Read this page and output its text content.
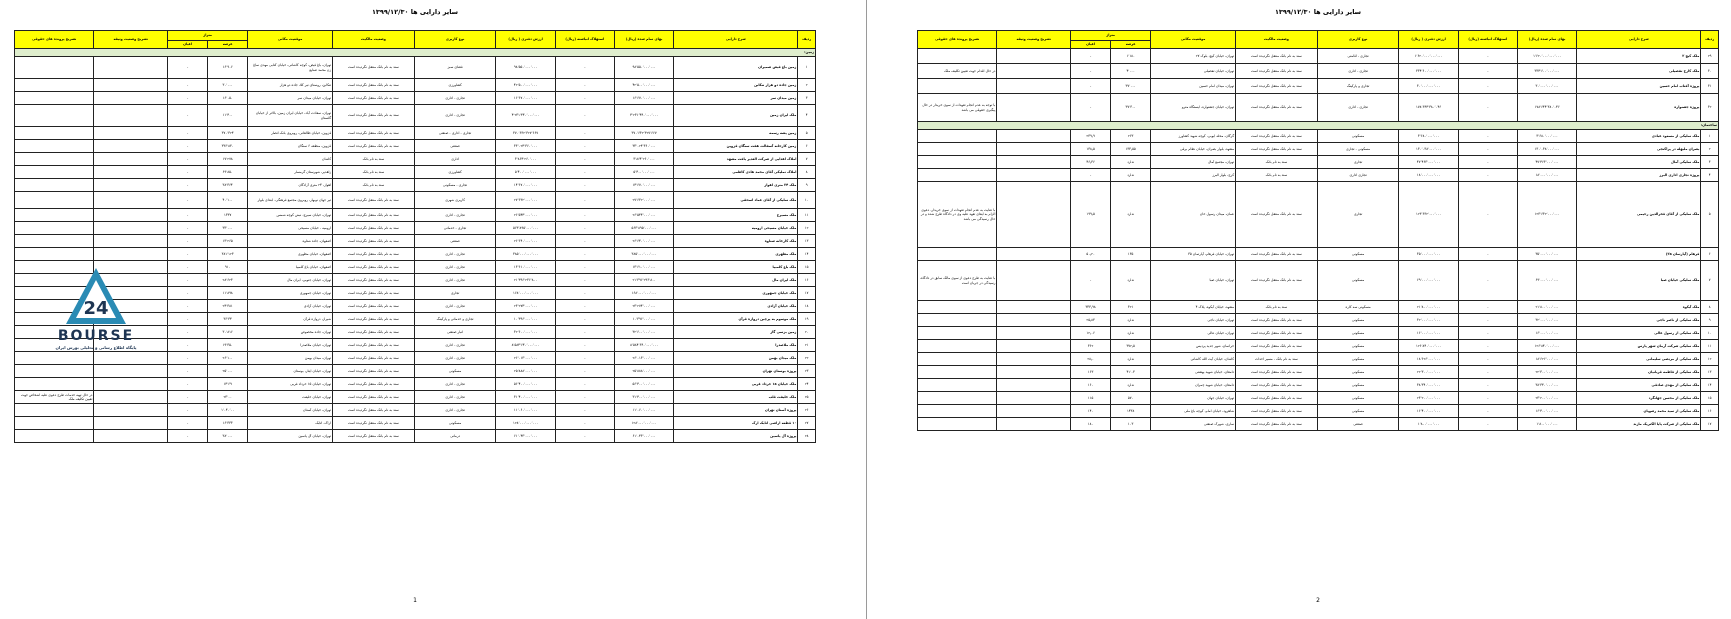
سایر دارایی ها ۱۳۹۹/۱۲/۳۰
ردیف	شرح دارایی	بهای تمام شده (ریال)	استهلاک انباشته (ریال)	ارزش دفتری ( ریال)	نوع کاربری	وضعیت مالکیت	موقعیت مکانی	متراژ		تشریح وضعیت وثیقه	تشریح پرونده های حقوقی
								عرصه	اعیان		
زمین:											
۱	زمین باغ فیض شمیران	۹۸٬۵۵۰٬۰۰۰٬۰۰۰	-	۹۸٬۵۵۰٬۰۰۰٬۰۰۰	فضای سبز	سند به نام بانک منتقل نگردیده است	تهران، باغ فیض، کوچه کاشانی، خیابان کتابی مهدی ساغ زن محمد صنایع	۱۶٬۹۰۶	-		
۲	زمین جاده دو هزار تنکابن	۴۲٬۵۰۰٬۰۰۰٬۰۰۰	-	۴۲٬۵۰۰٬۰۰۰٬۰۰۰	کشاورزی	سند به نام بانک منتقل نگردیده است	تنکابن، روستای تیر کلا، جاده دو هزار	۳۰٬۰۰۰	-		
۳	زمین میدان سر	۱۶٬۶۷۰٬۰۰۰٬۰۰۰	-	۱۶٬۶۷۰٬۰۰۰٬۰۰۰	تجاری - اداری	سند به نام بانک منتقل نگردیده است	تهران، خیابان میدان سر	۱۶٬۰۵۰	-		
۴	ملک ایران زمین	۴٬۲۳۱٬۴۴۰٬۰۰۰٬۰۰۰	-	۴٬۲۳۱٬۴۴۰٬۰۰۰٬۰۰۰	تجاری - اداری	سند به نام بانک منتقل نگردیده است	تهران، سعادت آباد، خیابان ایران زمین، بالاتر از خیابان گلستان	۱۱٬۴۰۰	-		
۵	زمین پشه رسمه	۳۷۰٬۶۳۲٬۳۲۷٬۶۶۷	-	۳۷۰٬۶۳۲٬۳۲۷٬۶۶۷	تجاری - اداری - صنعتی	سند به نام بانک منتقل نگردیده است	قزوین، خیابان طالقانی، روبروی بانک انصار	۳۷۰٬۳۲۴	-		
۶	زمین کارخانه آسفالت هفت سنگان قزوین	۳۳٬۰۲۴٬۳۶۰٬۰۰۰	-	۳۳٬۰۲۴٬۳۶۰٬۰۰۰	صنعتی	سند به نام بانک منتقل نگردیده است	قزوین، منطقه ۶ سنگان	۳۳۶٬۸۳۰	-		
۷	املاک اهدایی از شرکت الغدیر یافت مشهد	۳٬۸۶۴٬۲۶۰٬۰۰۰	-	۳٬۸۶۴٬۲۶۰٬۰۰۰	اداری	سند به نام بانک	کاشان	۱۷٬۲۷۸	-		
۸	املاک تملیکی آقای محمد هادی کاظمی	۵٬۴۰۰٬۰۰۰٬۰۰۰	-	۵٬۴۰۰٬۰۰۰٬۰۰۰	کشاورزی	سند به نام بانک	زاهدیر، شهرستان گرمسار	۶۹٬۸۵۰	-		
۹	ملک ۲۴ متری اهواز	۱۴٬۶۷۰٬۰۰۰٬۰۰۰	-	۱۴٬۶۷۰٬۰۰۰٬۰۰۰	تجاری - مسکونی	سند به نام بانک	اهواز، ۲۴ متری آزادگان	۳۸٬۳۶۴	-		
۱۰	ملک تملیکی از آقای عماد اسحقی	۲۷٬۶۳۲٬۰۰۰٬۰۰۰	-	۲۷٬۶۳۲٬۰۰۰٬۰۰۰	کاربری شهری	سند به نام بانک منتقل نگردیده است	تیر جهان نوبهار، روبروی مجتمع فرهنگی، ابتدای بلوار	۴۰٬۱۰۰	-		
۱۱	ملک مسیرج	۲۶٬۵۴۴٬۰۰۰٬۰۰۰	-	۲۶٬۵۴۴٬۰۰۰٬۰۰۰	تجاری - اداری	سند به نام بانک منتقل نگردیده است	تهران، خیابان سیرج، نبش کوچه شمس	۱۳۳۷	-		
۱۲	ملک خیابان مسیحی ارومیه	۵۶۳٬۸۹۵٬۰۰۰٬۰۰۰	-	۵۶۳٬۸۹۵٬۰۰۰٬۰۰۰	تجاری - خدماتی	سند به نام بانک منتقل نگردیده است	ارومیه - خیابان مسیحی	۳۳٬۰۰۰	-		
۱۳	ملک کارخانه شتاوه	۲۶٬۶۴۰٬۰۰۰٬۰۰۰	-	۲۶٬۶۴۰٬۰۰۰٬۰۰۰	صنعتی	سند به نام بانک منتقل نگردیده است	اصفهان، جاده شتاوه	۱۳٬۲۶۵	-		
۱۴	ملک مظهری	۳۸۵٬۰۰۰٬۰۰۰٬۰۰۰	-	۳۸۵٬۰۰۰٬۰۰۰٬۰۰۰	تجاری - اداری	سند به نام بانک منتقل نگردیده است	اصفهان، خیابان مظهری	۳۸۱٬۱۲۳	-		
۱۵	ملک باغ کلمبیا	۱۳٬۶۱۰٬۰۰۰٬۰۰۰	-	۱۳٬۶۱۰٬۰۰۰٬۰۰۰	تجاری - اداری	سند به نام بانک منتقل نگردیده است	اصفهان، خیابان باغ کلمبیا	۹۱۰	-		
۱۶	ملک ایران مال	۲۱٬۳۹۶٬۲۳۶٬۸۰۰	-	۲۱٬۳۹۶٬۲۳۶٬۸۰۰	تجاری - اداری	سند به نام بانک منتقل نگردیده است	تهران، خیابان جنوبی، ایران مال	۲۸٬۶۲۳	-		
۱۷	ملک خیابان جمهوری	۱۶۸٬۰۰۰٬۰۰۰٬۰۰۰	-	۱۶۸٬۰۰۰٬۰۰۰٬۰۰۰	تجاری	سند به نام بانک منتقل نگردیده است	تهران، خیابان جمهوری	۱۱٬۸۹۸	-		
۱۸	ملک خیابان آزادی	۲۳٬۲۷۴٬۰۰۰٬۰۰۰	-	۲۳٬۲۷۴٬۰۰۰٬۰۰۰	تجاری - اداری	سند به نام بانک منتقل نگردیده است	تهران، خیابان آزادی	۲۴٬۳۸۱	-		
۱۹	ملک موسوم به پرچین دروازه قرآن	۱۰٬۳۹۶٬۰۰۰٬۰۰۰	-	۱۰٬۳۹۶٬۰۰۰٬۰۰۰	تجاری و خدماتی و پارکینگ	سند به نام بانک منتقل نگردیده است	شیراز، دروازه قرآن	۳۶٬۳۴	-		
۲۰	زمین بزسی گاز	۳۲٬۶۰۰٬۰۰۰٬۰۰۰	-	۳۲٬۶۰۰٬۰۰۰٬۰۰۰	انبار صنعتی	سند به نام بانک منتقل نگردیده است	تهران، جاده مخصوص	۳۰٬۸۱۶	-		
۲۱	ملک ملاصدرا	۸٬۵۸۴٬۶۴۰٬۰۰۰٬۰۰۰	-	۸٬۵۸۴٬۶۴۰٬۰۰۰٬۰۰۰	تجاری - اداری	سند به نام بانک منتقل نگردیده است	تهران، خیابان ملاصدرا	۱۹٬۳۵۰	-		
۲۲	ملک میدان بهمن	۲۶٬۰۱۳٬۰۰۰٬۰۰۰	-	۲۶٬۰۱۳٬۰۰۰٬۰۰۰	تجاری - اداری	سند به نام بانک منتقل نگردیده است	تهران، میدان بهمن	۲۶٬۱۰۰	-		
۲۳	پروژه بوستان تهران	۲۵٬۸۸۸٬۰۰۰٬۰۰۰	-	۲۵٬۸۸۸٬۰۰۰٬۰۰۰	مسکونی	سند به نام بانک منتقل نگردیده است	تهران، خیابان ایثار، بوستان	۲۵٬۰۰۰	-		
۲۴	ملک خیابان ۱۵ خرداد غربی	۵۶٬۴۰۰٬۰۰۰٬۰۰۰	-	۵۶٬۴۰۰٬۰۰۰٬۰۰۰	تجاری - اداری	سند به نام بانک منتقل نگردیده است	تهران، خیابان ۱۵ خرداد غربی	۱۴٬۶۹	-		
۲۵	ملک خلیفت قلب	۳۱٬۴۰۰٬۰۰۰٬۰۰۰	-	۳۱٬۴۰۰٬۰۰۰٬۰۰۰	تجاری - اداری	سند به نام بانک منتقل نگردیده است	تهران، خیابان خلیفت	۲۳٬۰۰	-		در حال تهیه خدمات طرح دعوی علیه اشخاص جهت تعیین تکلیف ملک
۲۶	پروژه آستان تهران	۱۱٬۰۶۰٬۰۰۰٬۰۰۰	-	۱۱٬۰۶۰٬۰۰۰٬۰۰۰	تجاری - اداری	سند به نام بانک منتقل نگردیده است	تهران، خیابان آستان	۱٬۰۴۰٬۰۰	-		
۲۷	۱۰ قطعه اراضی اتابک ارک	۱۲۸٬۰۰۰٬۰۰۰٬۰۰۰	-	۱۲۸٬۰۰۰٬۰۰۰٬۰۰۰	مسکونی	سند به نام بانک منتقل نگردیده است	اراک، اتابک	۱۶٬۳۳۳	-		
۲۸	پروژه آل یاسین	۶۱٬۰۴۳٬۰۰۰٬۰۰۰	-	۶۱٬۰۴۳٬۰۰۰٬۰۰۰	درمانی	سند به نام بانک منتقل نگردیده است	تهران، خیابان آل یاسین	۳۸٬۰۰۰	-		
24
BOURSE
پایگاه اطلاع رسانی و تحلیلی بورس ایران
1
سایر دارایی ها ۱۳۹۹/۱۲/۳۰
ردیف	شرح دارایی	بهای تمام شده (ریال)	استهلاک انباشته (ریال)	ارزش دفتری ( ریال)	نوع کاربری	وضعیت مالکیت	موقعیت مکانی	متراژ		تشریح وضعیت وثیقه	تشریح پرونده های حقوقی
								عرصه	اعیان		
۲۹	ملک کیچ ۲	۱٬۶۲۰٬۰۰۰٬۰۰۰٬۰۰۰	-	۱٬۶۲۰٬۰۰۰٬۰۰۰٬۰۰۰	تجاری - اقامتی	سند به نام بانک منتقل نگردیده است	تهران، خیابان کیچ، بلوک ۲۷	۱٬۱۸۰	-		
۳۰	ملک کارخ تفضیلی	۳۳۴٬۶۰۰٬۰۰۰٬۰۰۰	-	۳۳۴٬۶۰۰٬۰۰۰٬۰۰۰	تجاری - اداری	سند به نام بانک منتقل نگردیده است	تهران، خیابان تفضیلی	۴٬۰۰۰	-		در حال اقدام جهت تعیین تکلیف ملک
۳۱	پروژه آفتاب امام حسین	۳۰٬۰۰۰٬۰۰۰٬۰۰۰	-	۳۰٬۰۰۰٬۰۰۰٬۰۰۰	تجاری و پارکینگ	سند به نام بانک منتقل نگردیده است	تهران، میدان امام حسین	۳۷٬۰۰۰	-		
۳۲	پروژه جشنواره	۱۷۸٬۶۴۴٬۳۸۰٬۰۴۶	-	۱۷۸٬۶۴۴٬۳۸۰٬۰۴۶	تجاری - اداری	سند به نام بانک منتقل نگردیده است	تهران، خیابان جشنواره، ایستگاه مترو	۳۷٬۳۰۰	-		با توجه به عدم انجام تعهدات از سوی خریدار در حال پیگیری حقوقی می باشد
ساختمان:											
۱	ملک تملیکی از مسعود عبادی	۳٬۶۸۰٬۰۰۰٬۰۰۰	-	۳٬۶۸۰٬۰۰۰٬۰۰۰	مسکونی	سند به نام بانک منتقل نگردیده است	گرگان، محله ایوبی، کوچه شهید کشاورز	۲۶۳	۲۳۹٫۹		
۲	بصران ملبهله در پراکنجی	۱۳۰٬۰۳۸٬۰۰۰٬۰۰۰	-	۱۳۰٬۰۳۸٬۰۰۰٬۰۰۰	مسکونی - تجاری	سند به نام بانک منتقل نگردیده است	مشهد، بلوار بصران، خیابان نظام برقی	۱۳۳٫۵۵	۱۳۸٫۵		
۳	ملک تملیکی آمال	۴۷٬۴۶۳٬۰۰۰٬۰۰۰	-	۴۷٬۴۶۳٬۰۰۰٬۰۰۰	تجاری	سند به نام بانک	تهران، مجتمع آمال	ندارد	۴۶٫۳۶		
۴	پروژه تجاری اداری البرز	۱۸٬۰۰۰٬۰۰۰٬۰۰۰	-	۱۸٬۰۰۰٬۰۰۰٬۰۰۰	تجاری اداری	سند به نام بانک	کرج، بلوار البرز	ندارد	-		
۵	ملک تملیکی از آقای فخرالدین رحیمی	۱۲۳٬۶۳۲٬۰۰۰٬۰۰۰	-	۱۲۳٬۶۳۲٬۰۰۰٬۰۰۰	تجاری	سند به نام بانک منتقل نگردیده است	عمان، میدان رسول خان	ندارد	۱۹۹٫۵		با عنایت به عدم انجام تعهدات از سوی خریدار، دعوی الزام به ایفای تعهد علیه وی در دادگاه طرح شده و در حال رسیدگی می باشد
۶	فرهام (آپارتمان ۳۵)	۳۵٬۰۰۰٬۰۰۰٬۰۰۰	-	۳۵٬۰۰۰٬۰۰۰٬۰۰۰	مسکونی	سند به نام بانک منتقل نگردیده است	تهران، خیابان فرهام، آپارتمان ۳۵	۱۳۵	۵۰٫۲۰		
۷	ملک تملیکی خیابان صبا	۶۹٬۰۰۰٬۰۰۰٬۰۰۰	-	۶۹٬۰۰۰٬۰۰۰٬۰۰۰	مسکونی	سند به نام بانک منتقل نگردیده است	تهران، خیابان صبا	ندارد	-		با عنایت به طرح دعوی از سوی مالک سابق در دادگاه، رسیدگی در جریان است
۸	ملک آبکوه	۲۱٬۸۰۰٬۰۰۰٬۰۰۰	-	۲۱٬۸۰۰٬۰۰۰٬۰۰۰	مسکونی سه کاره	سند به نام بانک	مشهد، خیابان آبکوه، پلاک ۴	۳۲۱	۳۳۳٫۹۸		
۹	ملک تملیکی از ناصر ناجی	۳۲٬۰۰۰٬۰۰۰٬۰۰۰	-	۳۲٬۰۰۰٬۰۰۰٬۰۰۰	مسکونی	سند به نام بانک منتقل نگردیده است	تهران، خیابان ناجی	ندارد	۲۵٫۸۳		
۱۰	ملک تملیکی از رسول عالی	۱۶٬۰۰۰٬۰۰۰٬۰۰۰	-	۱۶٬۰۰۰٬۰۰۰٬۰۰۰	مسکونی	سند به نام بانک منتقل نگردیده است	تهران، خیابان عالی	ندارد	۱۲٫۰۶		
۱۱	ملک تملیکی شرکت آرمان شهر پارس	۱۲۶٬۸۴۰٬۰۰۰٬۰۰۰	-	۱۲۶٬۸۴۰٬۰۰۰٬۰۰۰	مسکونی	سند به نام بانک منتقل نگردیده است	خراسان، شهر جدید پردیس	۳۷۲٫۵	۳۶۲		
۱۲	ملک تملیکی از مرتضی سلیمانی	۱۸٬۶۲۶٬۰۰۰٬۰۰۰	-	۱۸٬۶۲۶٬۰۰۰٬۰۰۰	مسکونی	سند به نام بانک - مسیر احداث	کاشان، خیابان آیت الله کاشانی	ندارد	۲۸٫۰		
۱۳	ملک تملیکی از فاطمه قربانیان	۲۲٬۳۰۰٬۰۰۰٬۰۰۰	-	۲۲٬۳۰۰٬۰۰۰٬۰۰۰	مسکونی	سند به نام بانک منتقل نگردیده است	دامغان، خیابان شهید بهشتی	۴۱٬۰۳	۱۶۳		
۱۴	ملک تملیکی از مهدی صادقی	۳۸٬۳۴۰٬۰۰۰٬۰۰۰	-	۳۸٬۳۴۰٬۰۰۰٬۰۰۰	مسکونی	سند به نام بانک منتقل نگردیده است	دامغان، خیابان شهید چمران	ندارد	۱۶۰		
۱۵	ملک تملیکی از محسن جهانگرد	۲۳٬۲۰۰٬۰۰۰٬۰۰۰	-	۲۳٬۲۰۰٬۰۰۰٬۰۰۰	مسکونی	سند به نام بانک منتقل نگردیده است	تهران، خیابان جهان	۵۷۰	۱۱۵		
۱۶	ملک تملیکی از سید محمد رضویان	۱۶٬۴۰۰٬۰۰۰٬۰۰۰	-	۱۶٬۴۰۰٬۰۰۰٬۰۰۰	مسکونی	سند به نام بانک منتقل نگردیده است	شاهرود، خیابان امام، کوچه باغ ملی	۱۴۳۸	۱۴۰		
۱۷	ملک تملیکی از شرکت پایا الکتریک مازند	۱٬۸۰۰٬۰۰۰٬۰۰۰	-	۱٬۸۰۰٬۰۰۰٬۰۰۰	صنعتی	سند به نام بانک منتقل نگردیده است	ساری، شهرک صنعتی	۱۰۳	۱۸۰		
2
